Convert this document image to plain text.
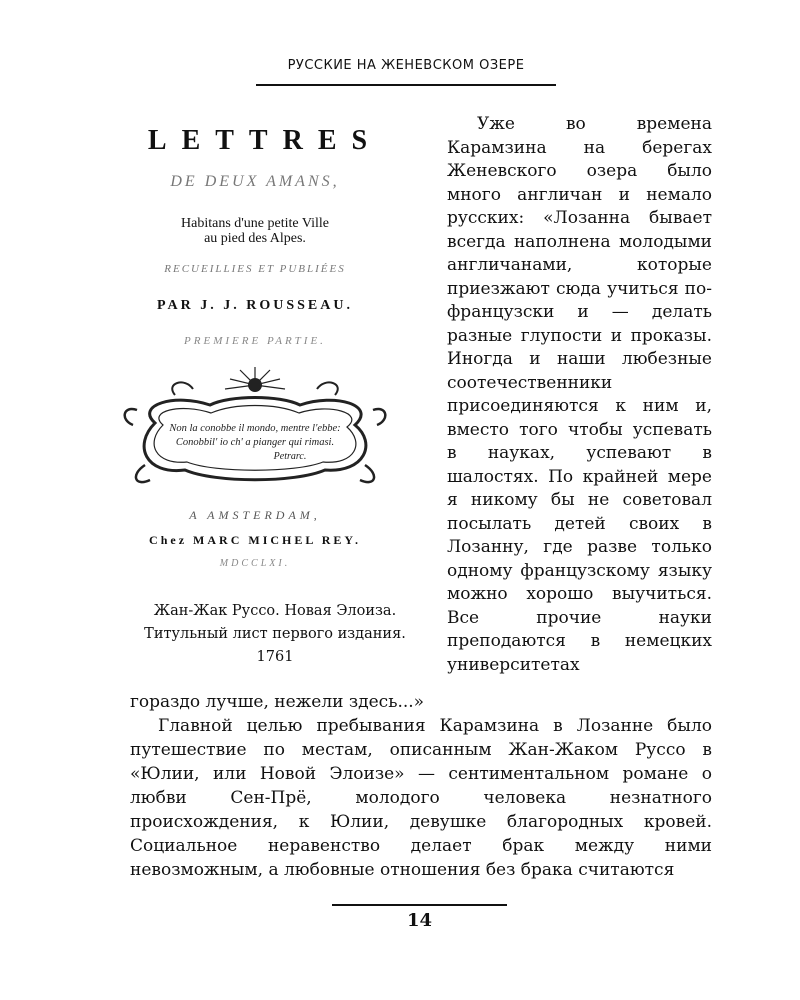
РУССКИЕ НА ЖЕНЕВСКОМ ОЗЕРЕ
LETTRES
DE DEUX AMANS,
Habitans d'une petite Ville
au pied des Alpes.
RECUEILLIES ET PUBLIÉES
PAR J. J. ROUSSEAU.
PREMIERE PARTIE.
Non la conobbe il mondo, mentre l'ebbe:
Conobbil' io ch' a pianger qui rimasi.
Petrarc.
A AMSTERDAM,
Chez MARC MICHEL REY.
MDCCLXI.
Жан-Жак Руссо. Новая Элоиза.
Титульный лист первого издания.
1761

Уже во времена Карамзина на берегах Женевского озера было много англичан и немало русских: «Лозанна бывает всегда наполнена молодыми англичанами, которые приезжают сюда учиться по-французски и — делать разные глупости и проказы. Иногда и наши любезные соотечественники присоединяются к ним и, вместо того чтобы успевать в науках, успевают в шалостях. По крайней мере я никому бы не советовал посылать детей своих в Лозанну, где разве только одному французскому языку можно хорошо выучиться. Все прочие науки преподаются в немецких университетах

гораздо лучше, нежели здесь...»

Главной целью пребывания Карамзина в Лозанне было путешествие по местам, описанным Жан-Жаком Руссо в «Юлии, или Новой Элоизе» — сентиментальном романе о любви Сен-Прё, молодого человека незнатного происхождения, к Юлии, девушке благородных кровей. Социальное неравенство делает брак между ними невозможным, а любовные отношения без брака считаются

14
